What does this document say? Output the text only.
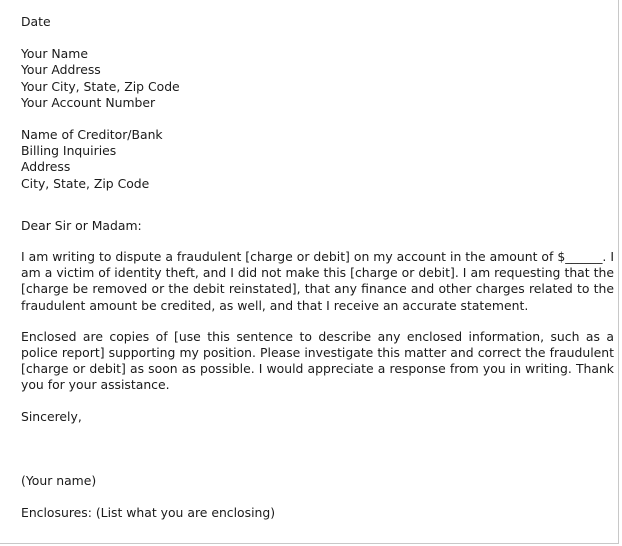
Date
Your Name
Your Address
Your City, State, Zip Code
Your Account Number
Name of Creditor/Bank
Billing Inquiries
Address
City, State, Zip Code
Dear Sir or Madam:

I am writing to dispute a fraudulent [charge or debit] on my account in the amount of $______. I am a victim of identity theft, and I did not make this [charge or debit]. I am requesting that the [charge be removed or the debit reinstated], that any finance and other charges related to the fraudulent amount be credited, as well, and that I receive an accurate statement.

Enclosed are copies of [use this sentence to describe any enclosed information, such as a police report] supporting my position. Please investigate this matter and correct the fraudulent [charge or debit] as soon as possible. I would appreciate a response from you in writing. Thank you for your assistance.

Sincerely,
(Your name)
Enclosures: (List what you are enclosing)
